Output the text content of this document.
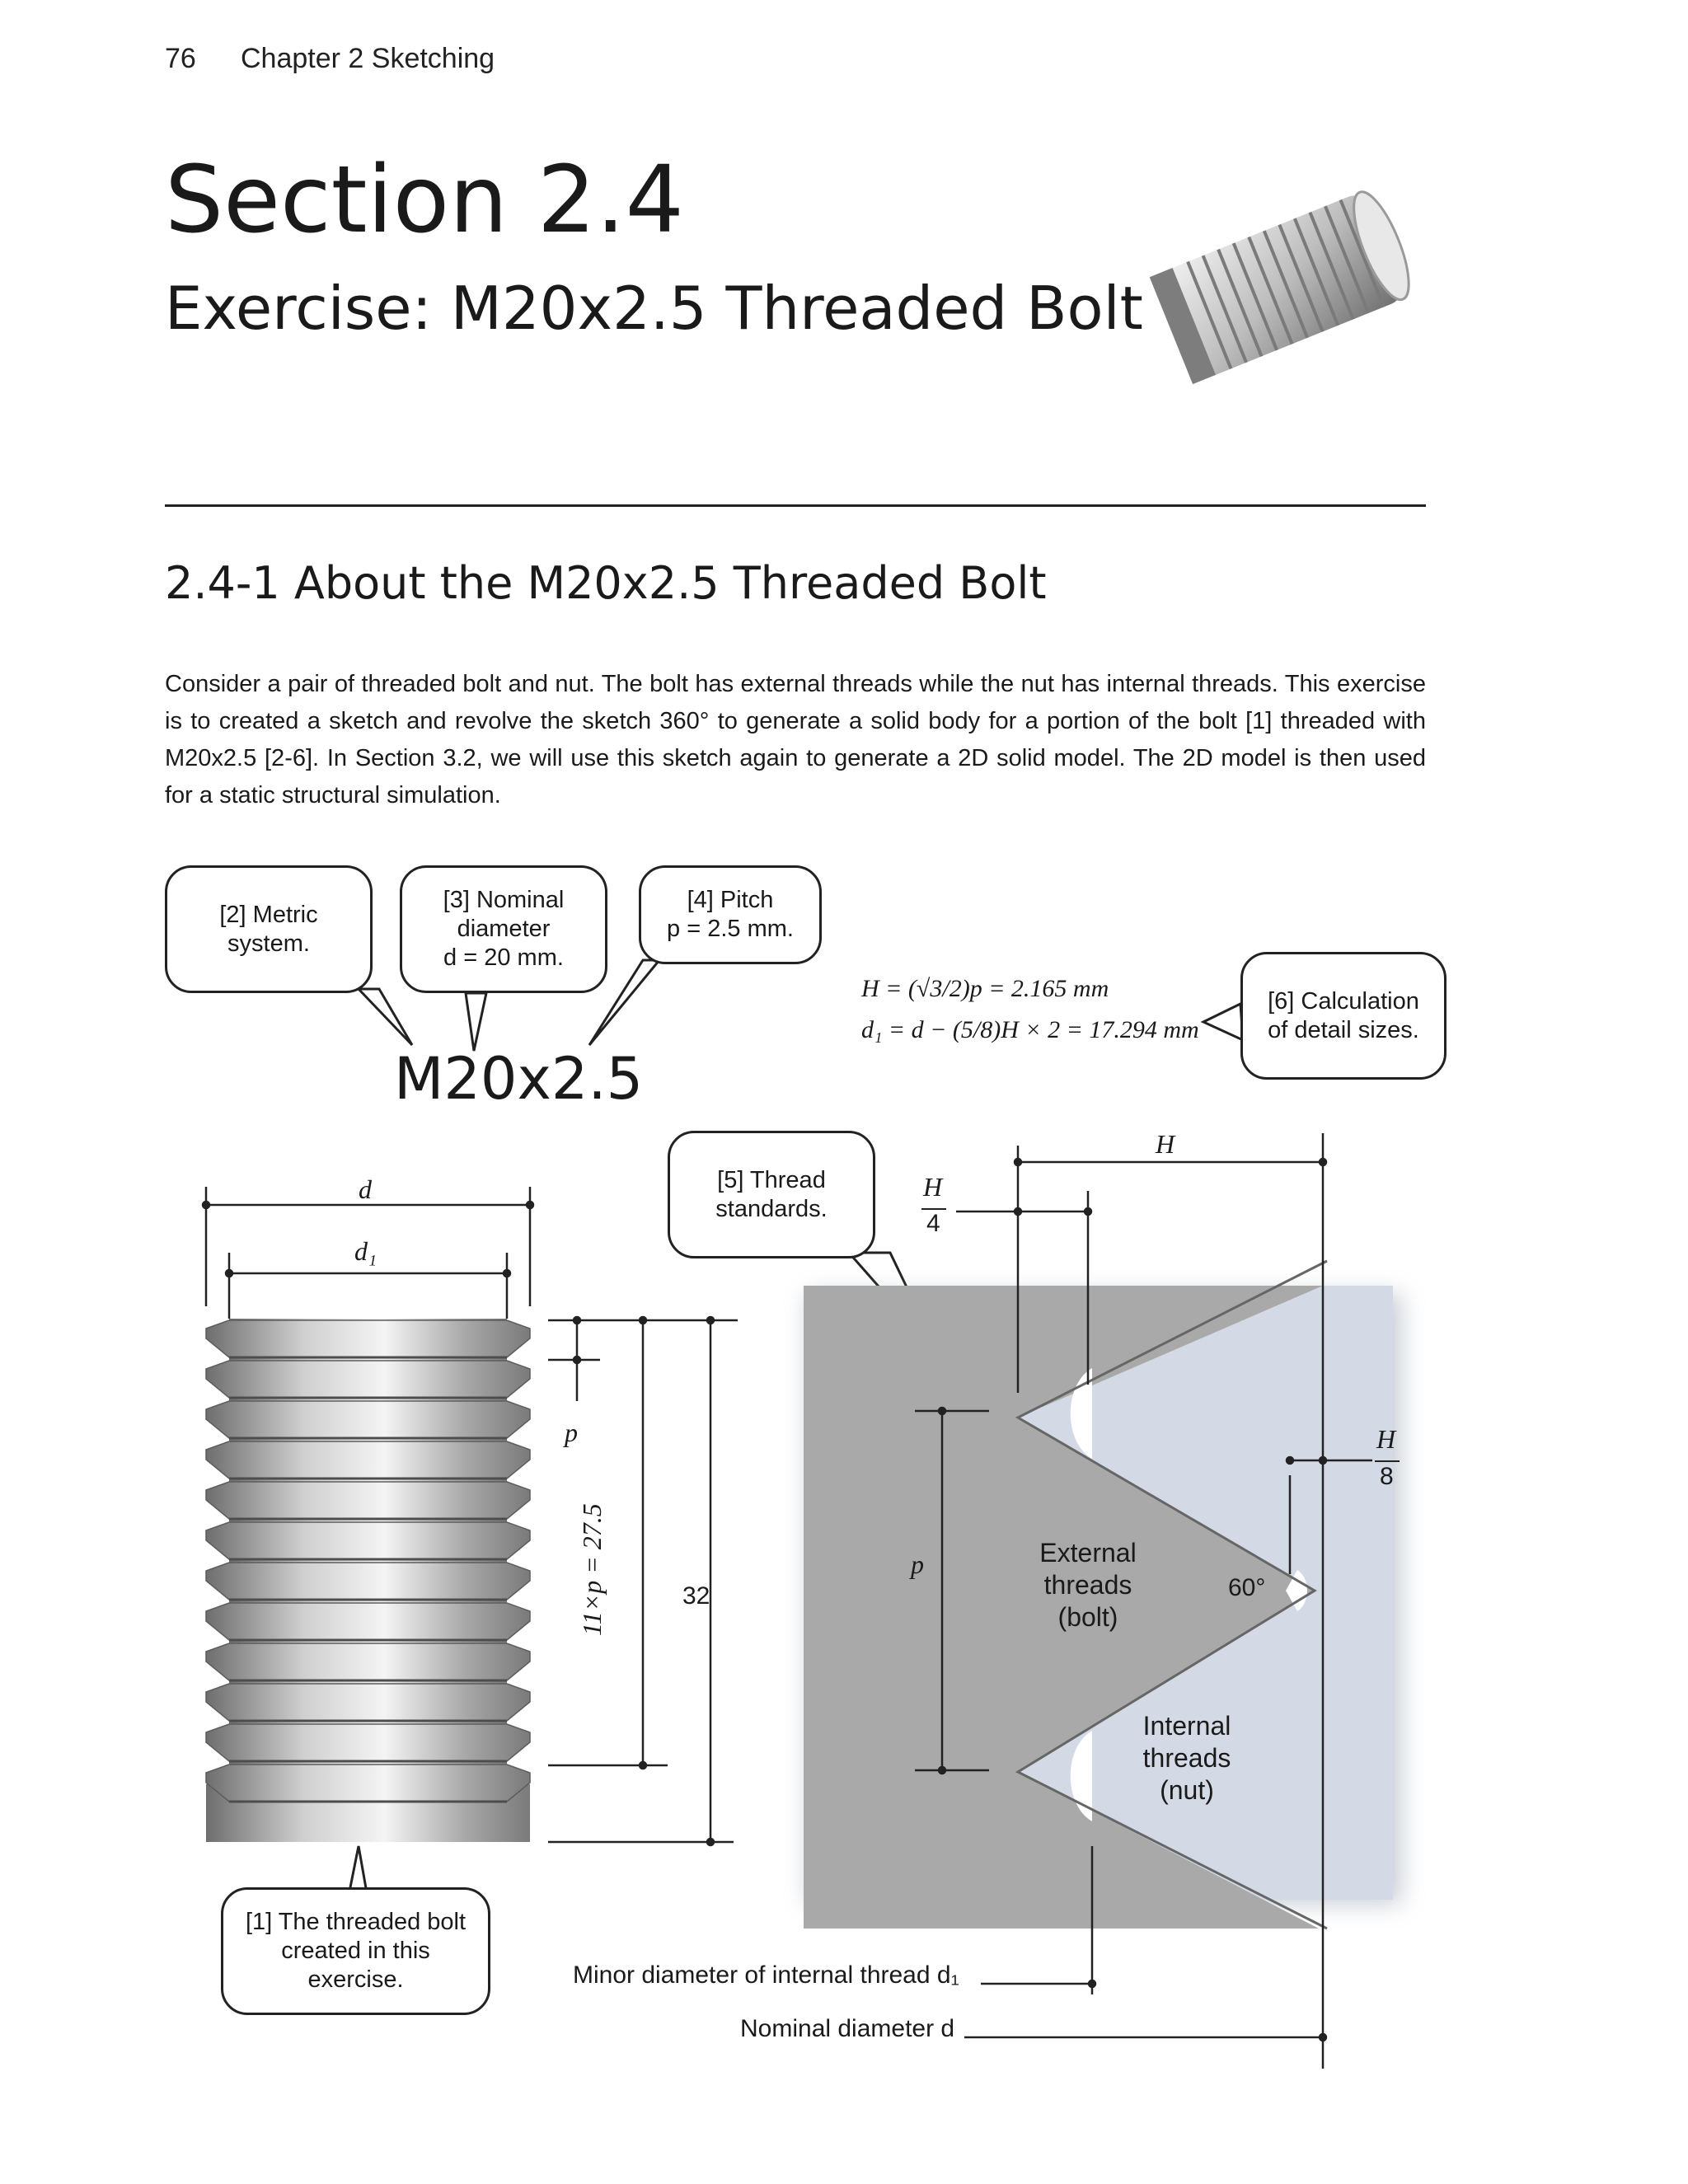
76 Chapter 2 Sketching
Section 2.4
Exercise: M20x2.5 Threaded Bolt
2.4-1 About the M20x2.5 Threaded Bolt
Consider a pair of threaded bolt and nut. The bolt has external threads while the nut has internal threads. This exercise is to created a sketch and revolve the sketch 360° to generate a solid body for a portion of the bolt [1] threaded with M20x2.5 [2-6]. In Section 3.2, we will use this sketch again to generate a 2D solid model. The 2D model is then used for a static structural simulation.
[2] Metric
system.
[3] Nominal
diameter
d = 20 mm.
[4] Pitch
p = 2.5 mm.
[6] Calculation
of detail sizes.
[5] Thread
standards.
[1] The threaded bolt
created in this
exercise.
M20x2.5
H = (√3/2)p = 2.165 mm
d₁ = d − (5/8)H × 2 = 17.294 mm
d
d₁
p
11×p = 27.5	32
H
H
4
H
8
p
60°
External
threads
(bolt)
Internal
threads
(nut)
Minor diameter of internal thread d₁
Nominal diameter d
